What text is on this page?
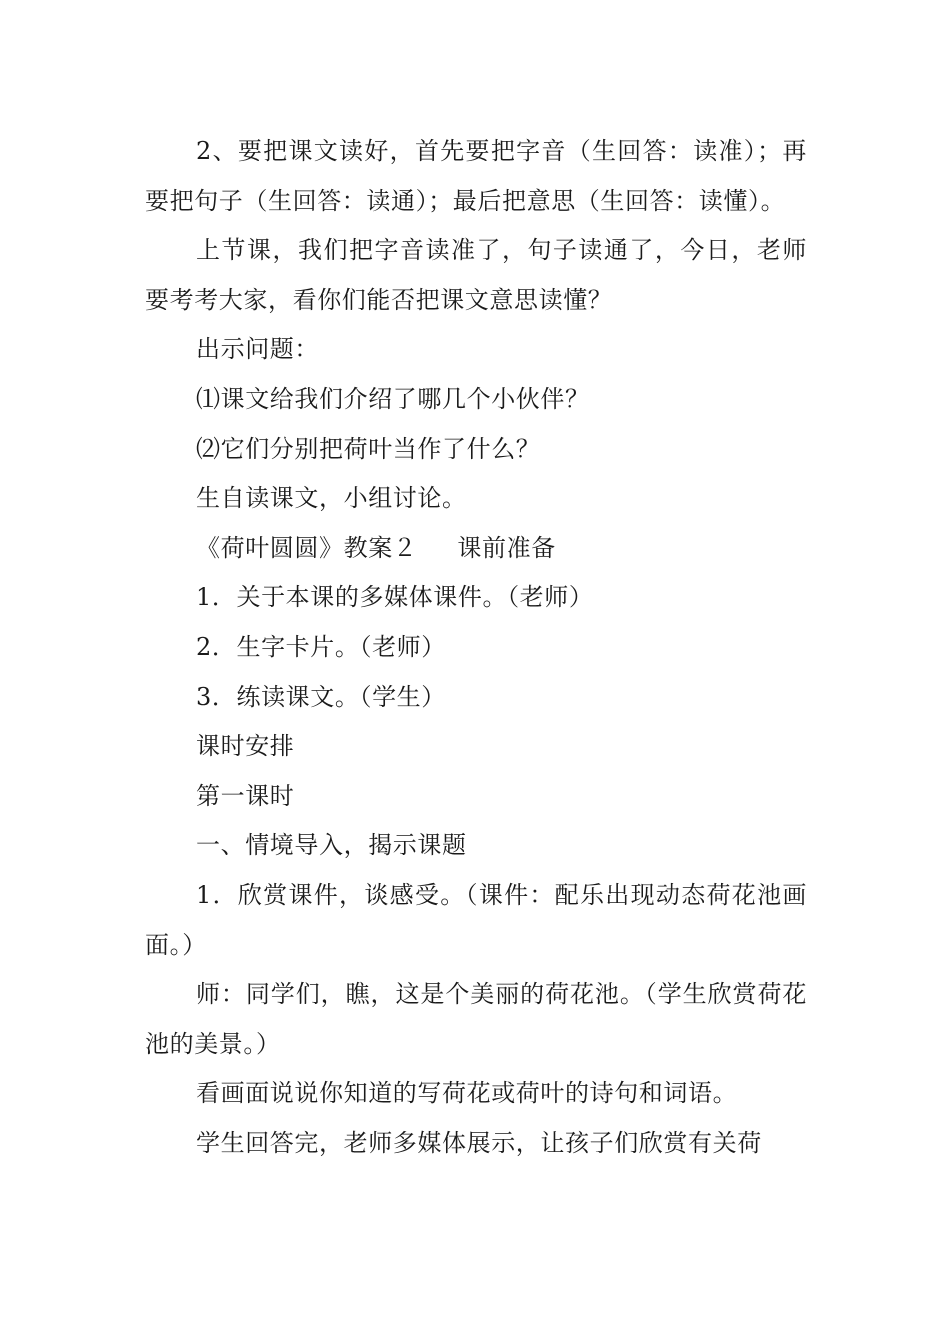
2、要把课文读好，首先要把字音（生回答：读准）；再要把句子（生回答：读通）；最后把意思（生回答：读懂）。

上节课，我们把字音读准了，句子读通了，今日，老师要考考大家，看你们能否把课文意思读懂？

出示问题：

⑴课文给我们介绍了哪几个小伙伴？

⑵它们分别把荷叶当作了什么？

生自读课文，小组讨论。

《荷叶圆圆》教案２ 课前准备

1．关于本课的多媒体课件。（老师）

2．生字卡片。（老师）

3．练读课文。（学生）

课时安排

第一课时

一、情境导入，揭示课题

1．欣赏课件，谈感受。（课件：配乐出现动态荷花池画面。）

师：同学们，瞧，这是个美丽的荷花池。（学生欣赏荷花池的美景。）

看画面说说你知道的写荷花或荷叶的诗句和词语。

学生回答完，老师多媒体展示，让孩子们欣赏有关荷
